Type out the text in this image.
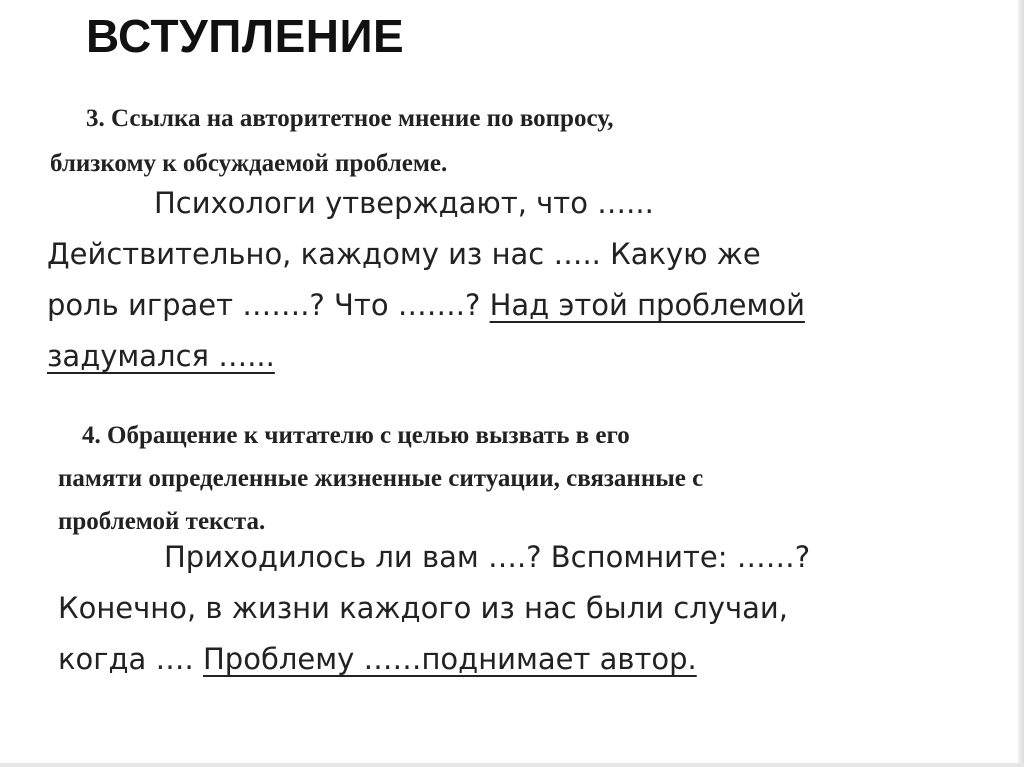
ВСТУПЛЕНИЕ
3. Ссылка на авторитетное мнение по вопросу,
близкому к обсуждаемой проблеме.
Психологи утверждают, что …...
Действительно, каждому из нас ….. Какую же
роль играет …….? Что …….? Над этой проблемой
задумался …...
4. Обращение к читателю с целью вызвать в его
памяти определенные жизненные ситуации, связанные с
проблемой текста.
Приходилось ли вам ….? Вспомните: ……?
Конечно, в жизни каждого из нас были случаи,
когда …. Проблему ……поднимает автор.
